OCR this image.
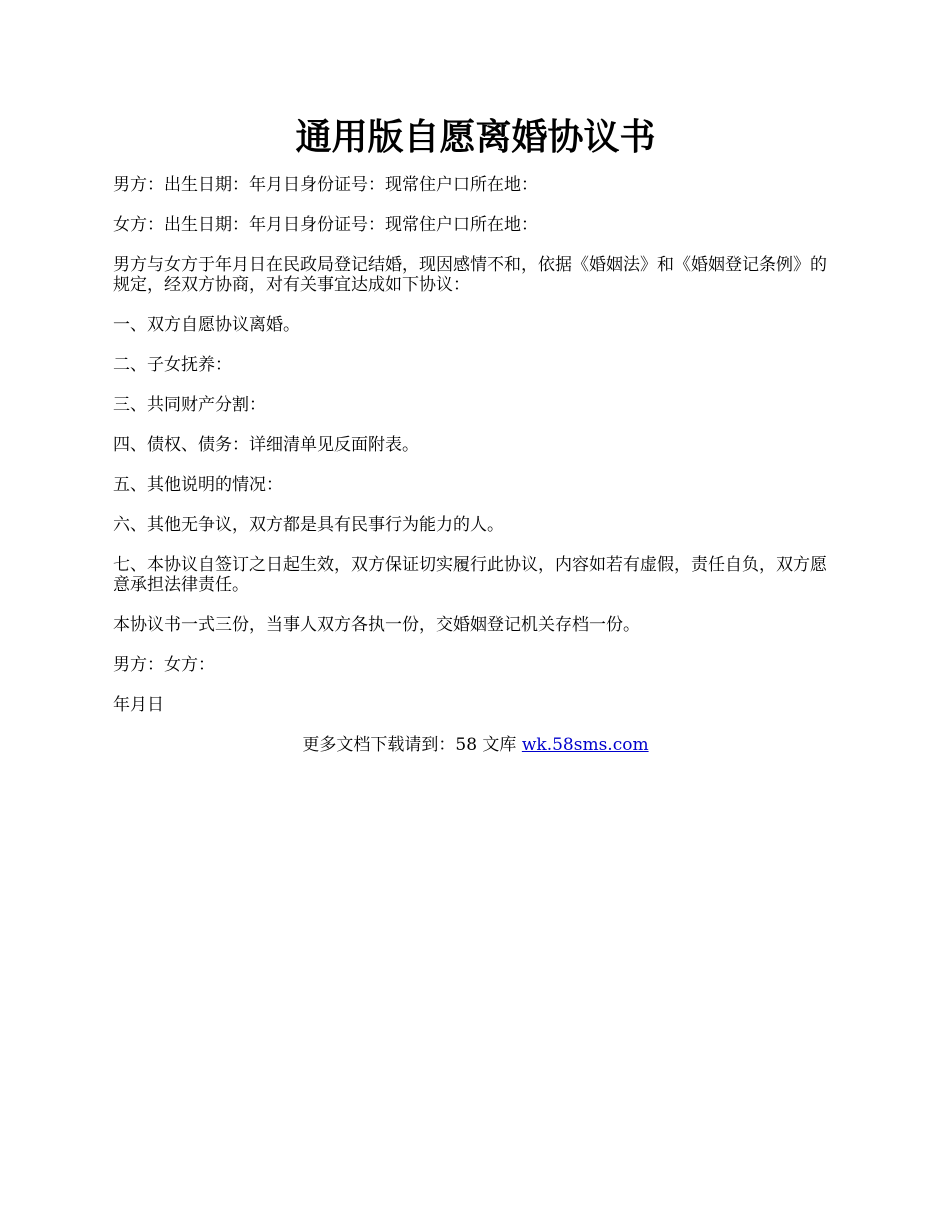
通用版自愿离婚协议书

男方：出生日期：年月日身份证号：现常住户口所在地：

女方：出生日期：年月日身份证号：现常住户口所在地：

男方与女方于年月日在民政局登记结婚，现因感情不和，依据《婚姻法》和《婚姻登记条例》的规定，经双方协商，对有关事宜达成如下协议：

一、双方自愿协议离婚。

二、子女抚养：

三、共同财产分割：

四、债权、债务：详细清单见反面附表。

五、其他说明的情况：

六、其他无争议，双方都是具有民事行为能力的人。

七、本协议自签订之日起生效，双方保证切实履行此协议，内容如若有虚假，责任自负，双方愿意承担法律责任。

本协议书一式三份，当事人双方各执一份，交婚姻登记机关存档一份。

男方：女方：

年月日

更多文档下载请到：58 文库 wk.58sms.com
